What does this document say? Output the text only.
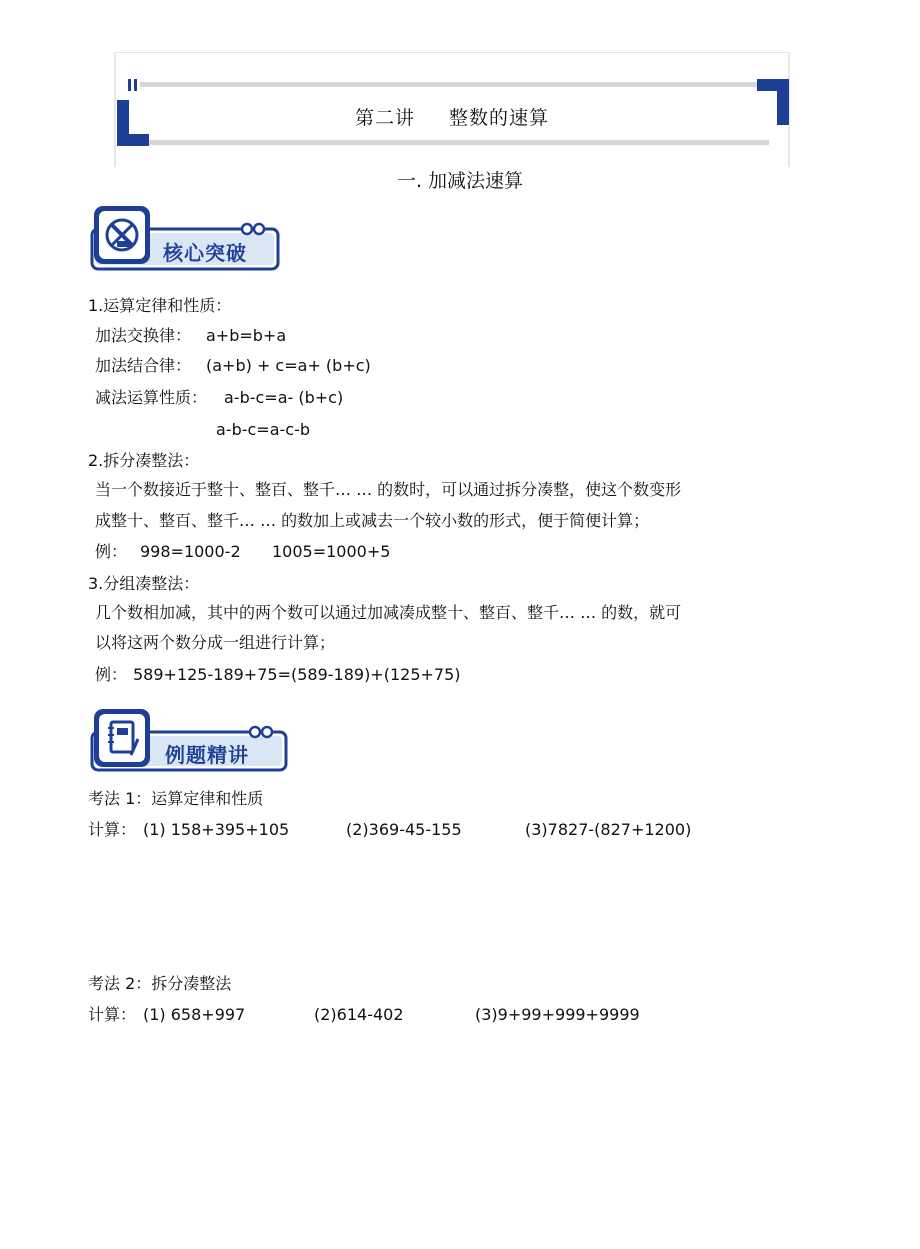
第二讲 整数的速算
一. 加减法速算
核心突破
1.运算定律和性质：
加法交换律： a+b=b+a
加法结合律： (a+b) + c=a+ (b+c)
减法运算性质： a-b-c=a- (b+c)
a-b-c=a-c-b
2.拆分凑整法：
当一个数接近于整十、整百、整千… … 的数时，可以通过拆分凑整，使这个数变形
成整十、整百、整千… … 的数加上或减去一个较小数的形式，便于简便计算；
例： 998=1000-2 1005=1000+5
3.分组凑整法：
几个数相加减，其中的两个数可以通过加减凑成整十、整百、整千… … 的数，就可
以将这两个数分成一组进行计算；
例： 589+125-189+75=(589-189)+(125+75)
例题精讲
考法 1：运算定律和性质
计算： (1) 158+395+105	(2)369-45-155	(3)7827-(827+1200)
考法 2：拆分凑整法
计算： (1) 658+997	(2)614-402	(3)9+99+999+9999
